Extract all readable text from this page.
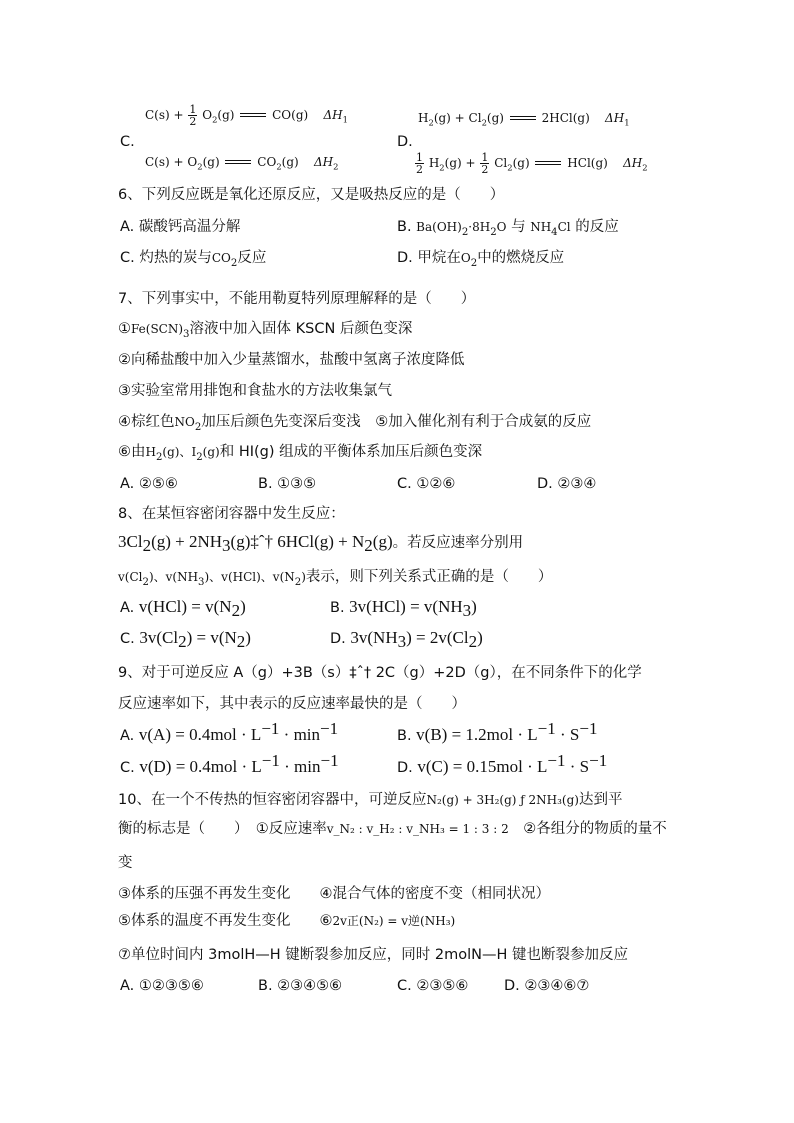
$C(s) + \frac{1}{2} O_2(g)$	CO(g) $\Delta H_1$
C.
$C(s) + O_2(g)$	$CO_2(g)$ $\Delta H_2$
$H_2(g) + Cl_2(g)$	2HCl(g) $\Delta H_1$
D.
$\frac{1}{2} H_2(g) + \frac{1}{2} Cl_2(g)$	HCl(g) $\Delta H_2$
6、下列反应既是氧化还原反应，又是吸热反应的是（　　）
A. 碳酸钙高温分解	B. $Ba(OH)_2\cdot 8H_2O$ 与 $NH_4Cl$ 的反应
C. 灼热的炭与$CO_2$反应	D. 甲烷在$O_2$中的燃烧反应
7、下列事实中，不能用勒夏特列原理解释的是（　　）
$①Fe(SCN)_3$溶液中加入固体 KSCN 后颜色变深
②向稀盐酸中加入少量蒸馏水，盐酸中氢离子浓度降低
③实验室常用排饱和食盐水的方法收集氯气
④棕红色$NO_2$加压后颜色先变深后变浅　⑤加入催化剂有利于合成氨的反应
⑥由$H_2(g)$、$I_2(g)$和 HI(g) 组成的平衡体系加压后颜色变深
A. ②⑤⑥	B. ①③⑤	C. ①②⑥	D. ②③④
8、在某恒容密闭容器中发生反应：
$3Cl_2(g)$ + $2NH_3(g)\ddagger ˆ\dagger$ $6HCl(g) + N_2(g)$。若反应速率分别用
$v(Cl_2)$、$v(NH_3)$、v(HCl)、$v(N_2)$表示，则下列关系式正确的是（　　）
A. $v(HCl) = v(N_2)$	B. $3v(HCl) = v(NH_3)$
C. $3v(Cl_2) = v(N_2)$	D. $3v(NH_3) = 2v(Cl_2)$
9、对于可逆反应 A（g）+3B（s）‡ˆ† 2C（g）+2D（g），在不同条件下的化学
反应速率如下，其中表示的反应速率最快的是（　　）
A. $v(A) = 0.4mol \cdot L^{-1} \cdot \min^{-1}$	B. $v(B) = 1.2mol \cdot L^{-1} \cdot S^{-1}$
C. $v(D) = 0.4mol \cdot L^{-1} \cdot \min^{-1}$	D. $v(C) = 0.15mol \cdot L^{-1} \cdot S^{-1}$
10、在一个不传热的恒容密闭容器中，可逆反应N₂(g) + 3H₂(g) ƒ 2NH₃(g)达到平
衡的标志是（　　）　①反应速率v_N₂ : v_H₂ : v_NH₃ = 1 : 3 : 2　②各组分的物质的量不
变
③体系的压强不再发生变化　　④混合气体的密度不变（相同状况）
⑤体系的温度不再发生变化　　⑥2v正(N₂) = v逆(NH₃)
⑦单位时间内 3molH—H 键断裂参加反应，同时 2molN—H 键也断裂参加反应
A. ①②③⑤⑥	B. ②③④⑤⑥	C. ②③⑤⑥ D. ②③④⑥⑦
